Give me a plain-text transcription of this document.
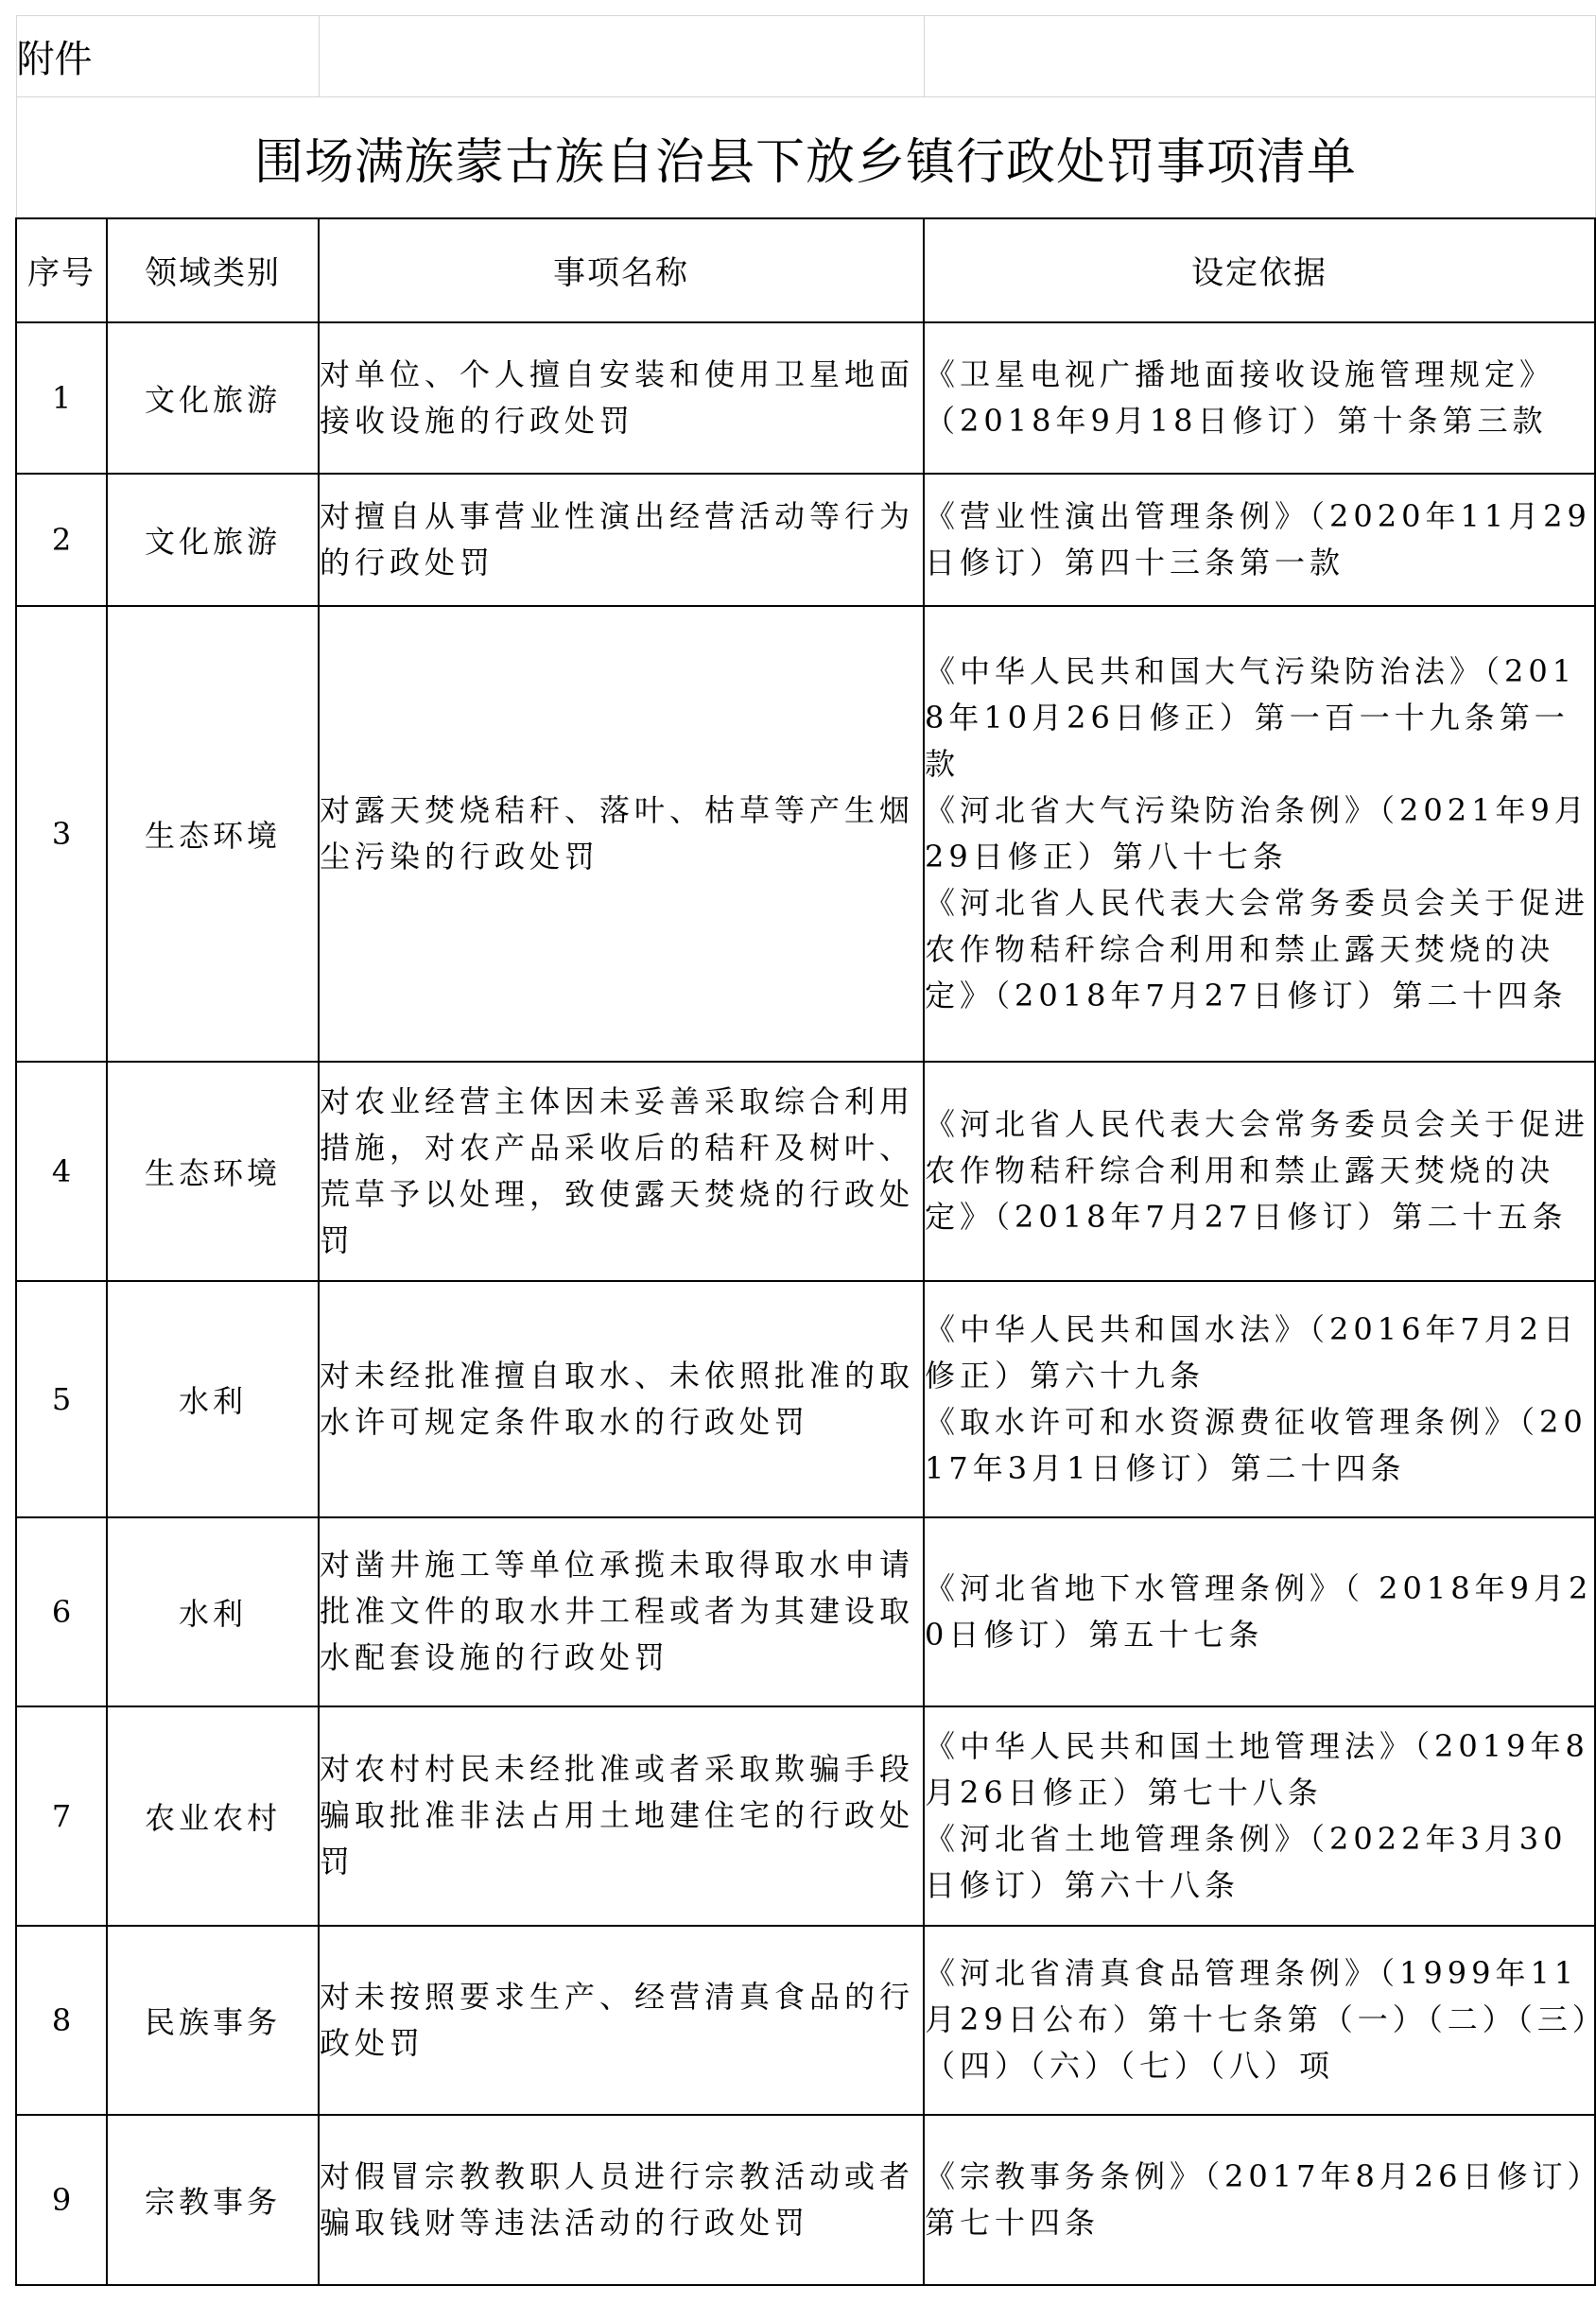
附件			
围场满族蒙古族自治县下放乡镇行政处罚事项清单			
序号	领域类别	事项名称	设定依据
1	文化旅游	对单位、个人擅自安装和使用卫星地面接收设施的行政处罚	《卫星电视广播地面接收设施管理规定》（2018年9月18日修订）第十条第三款

2	文化旅游	对擅自从事营业性演出经营活动等行为的行政处罚	《营业性演出管理条例》（2020年11月29日修订）第四十三条第一款

3	生态环境	对露天焚烧秸秆、落叶、枯草等产生烟尘污染的行政处罚	《中华人民共和国大气污染防治法》（2018年10月26日修正）第一百一十九条第一款
《河北省大气污染防治条例》（2021年9月29日修正）第八十七条
《河北省人民代表大会常务委员会关于促进农作物秸秆综合利用和禁止露天焚烧的决定》（2018年7月27日修订）第二十四条

4	生态环境	对农业经营主体因未妥善采取综合利用措施，对农产品采收后的秸秆及树叶、荒草予以处理，致使露天焚烧的行政处罚	《河北省人民代表大会常务委员会关于促进农作物秸秆综合利用和禁止露天焚烧的决定》（2018年7月27日修订）第二十五条

5	水利	对未经批准擅自取水、未依照批准的取水许可规定条件取水的行政处罚	《中华人民共和国水法》（2016年7月2日修正）第六十九条
《取水许可和水资源费征收管理条例》（2017年3月1日修订）第二十四条

6	水利	对凿井施工等单位承揽未取得取水申请批准文件的取水井工程或者为其建设取水配套设施的行政处罚	《河北省地下水管理条例》（ 2018年9月20日修订）第五十七条

7	农业农村	对农村村民未经批准或者采取欺骗手段骗取批准非法占用土地建住宅的行政处罚	《中华人民共和国土地管理法》（2019年8月26日修正）第七十八条
《河北省土地管理条例》（2022年3月30日修订）第六十八条

8	民族事务	对未按照要求生产、经营清真食品的行政处罚	《河北省清真食品管理条例》（1999年11月29日公布）第十七条第（一）（二）（三）（四）（六）（七）（八）项

9	宗教事务	对假冒宗教教职人员进行宗教活动或者骗取钱财等违法活动的行政处罚	《宗教事务条例》（2017年8月26日修订）第七十四条
